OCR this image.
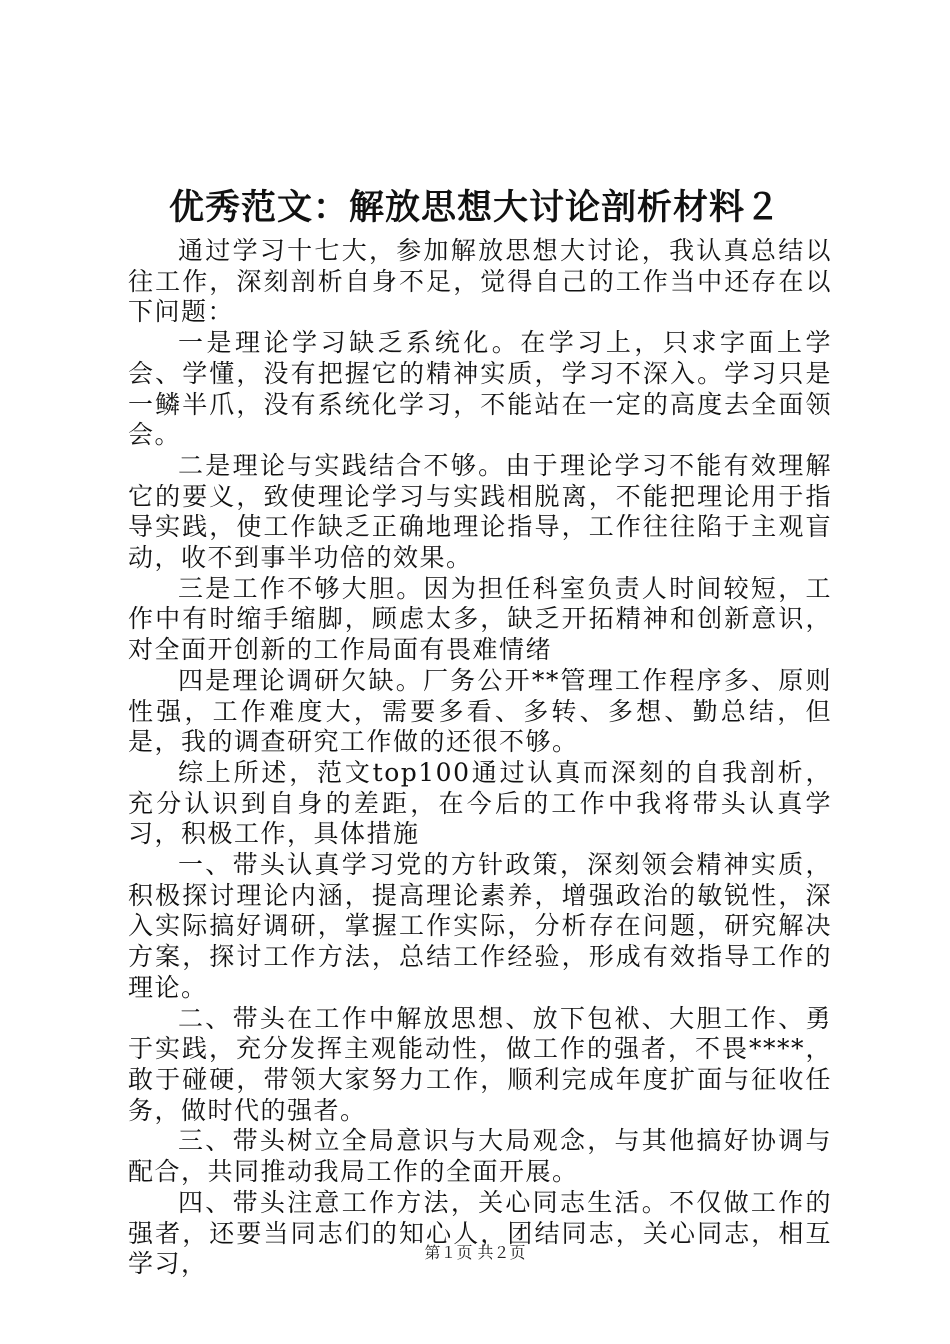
优秀范文：解放思想大讨论剖析材料２

通过学习十七大，参加解放思想大讨论，我认真总结以往工作，深刻剖析自身不足，觉得自己的工作当中还存在以下问题：

一是理论学习缺乏系统化。在学习上，只求字面上学会、学懂，没有把握它的精神实质，学习不深入。学习只是一鳞半爪，没有系统化学习，不能站在一定的高度去全面领会。

二是理论与实践结合不够。由于理论学习不能有效理解它的要义，致使理论学习与实践相脱离，不能把理论用于指导实践，使工作缺乏正确地理论指导，工作往往陷于主观盲动，收不到事半功倍的效果。

三是工作不够大胆。因为担任科室负责人时间较短，工作中有时缩手缩脚，顾虑太多，缺乏开拓精神和创新意识，对全面开创新的工作局面有畏难情绪

四是理论调研欠缺。厂务公开**管理工作程序多、原则性强，工作难度大，需要多看、多转、多想、勤总结，但是，我的调查研究工作做的还很不够。

综上所述，范文top100通过认真而深刻的自我剖析，充分认识到自身的差距，在今后的工作中我将带头认真学习，积极工作，具体措施

一、带头认真学习党的方针政策，深刻领会精神实质，积极探讨理论内涵，提高理论素养，增强政治的敏锐性，深入实际搞好调研，掌握工作实际，分析存在问题，研究解决方案，探讨工作方法，总结工作经验，形成有效指导工作的理论。

二、带头在工作中解放思想、放下包袱、大胆工作、勇于实践，充分发挥主观能动性，做工作的强者，不畏****，敢于碰硬，带领大家努力工作，顺利完成年度扩面与征收任务，做时代的强者。

三、带头树立全局意识与大局观念，与其他搞好协调与配合，共同推动我局工作的全面开展。

四、带头注意工作方法，关心同志生活。不仅做工作的强者，还要当同志们的知心人，团结同志，关心同志，相互学习，	第１页 共２页
